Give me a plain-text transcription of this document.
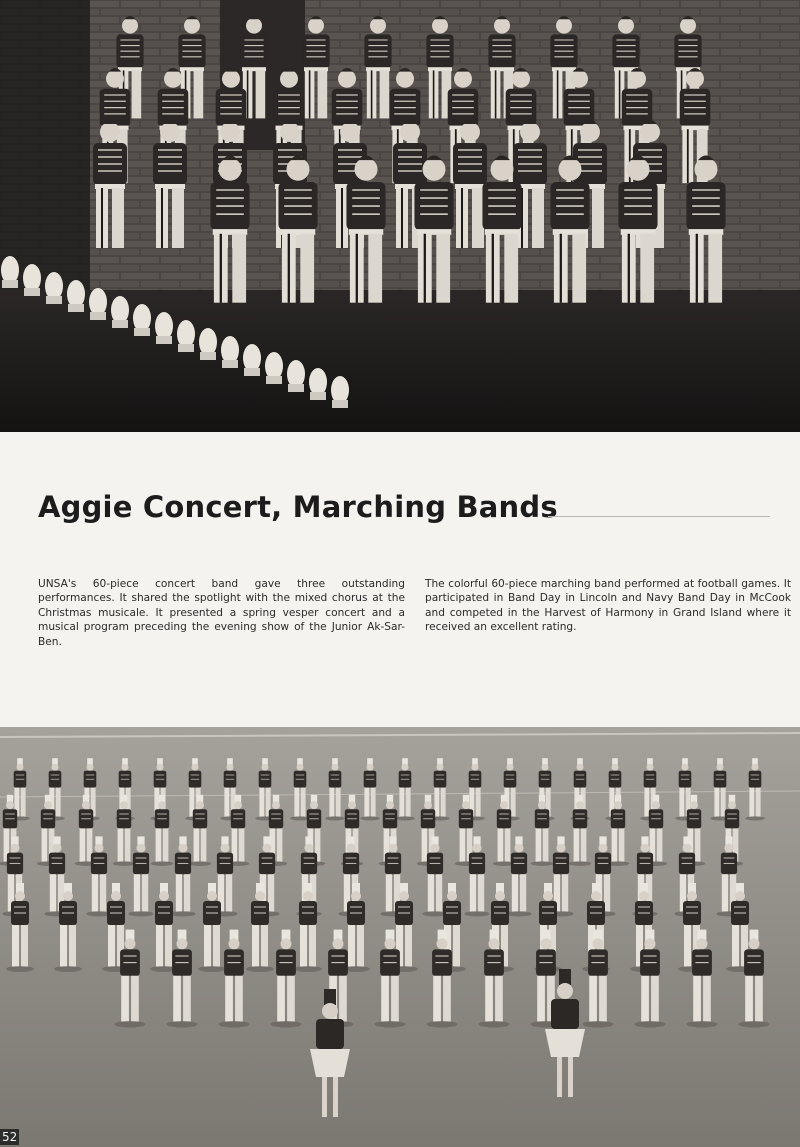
Aggie Concert, Marching Bands

UNSA's 60-piece concert band gave three outstanding performances. It shared the spotlight with the mixed chorus at the Christmas musicale. It presented a spring vesper concert and a musical program preceding the evening show of the Junior Ak-Sar-Ben.

The colorful 60-piece marching band performed at football games. It participated in Band Day in Lincoln and Navy Band Day in McCook and competed in the Harvest of Harmony in Grand Island where it received an excellent rating.

52
